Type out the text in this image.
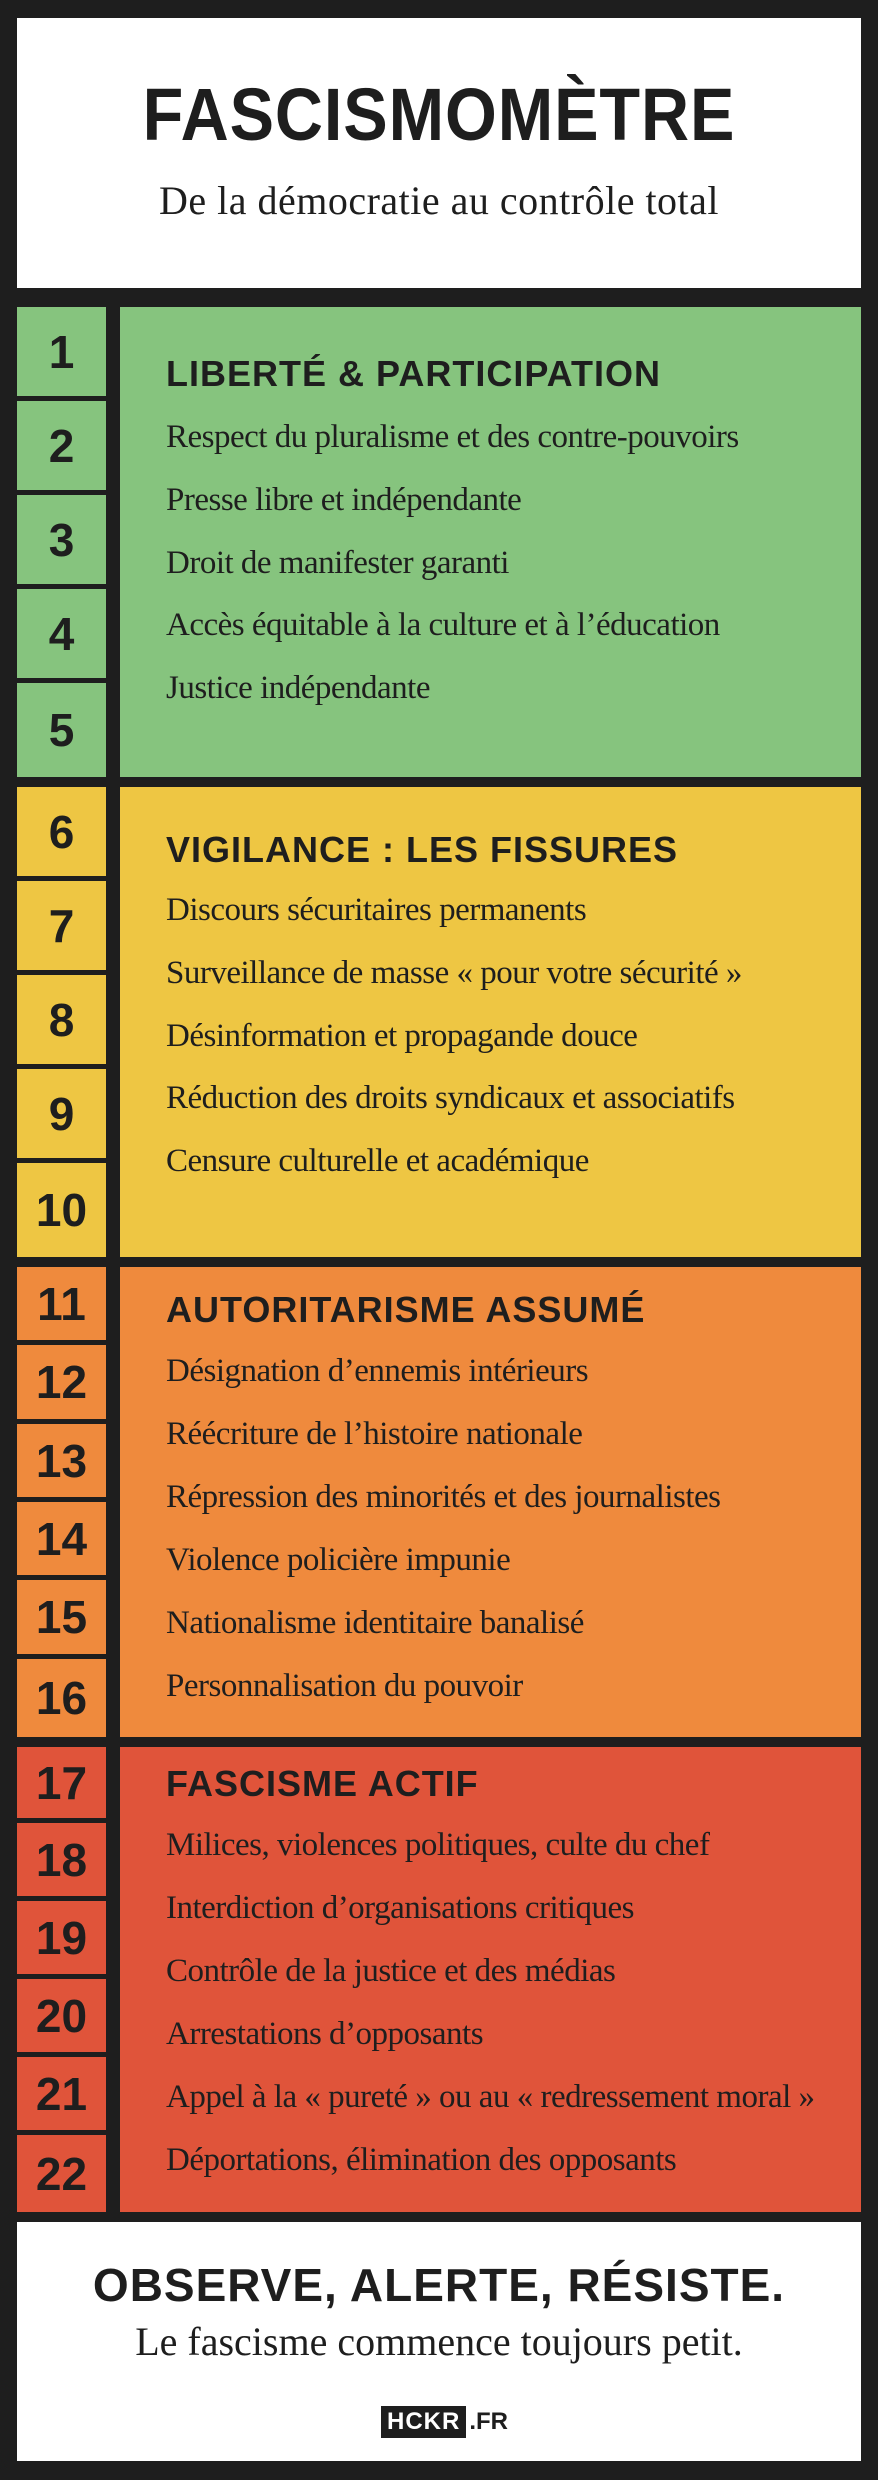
FASCISMOMÈTRE
De la démocratie au contrôle total
1
2
3
4
5
LIBERTÉ & PARTICIPATION
Respect du pluralisme et des contre-pouvoirs
Presse libre et indépendante
Droit de manifester garanti
Accès équitable à la culture et à l’éducation
Justice indépendante
6
7
8
9
10
VIGILANCE : LES FISSURES
Discours sécuritaires permanents
Surveillance de masse « pour votre sécurité »
Désinformation et propagande douce
Réduction des droits syndicaux et associatifs
Censure culturelle et académique
11
12
13
14
15
16
AUTORITARISME ASSUMÉ
Désignation d’ennemis intérieurs
Réécriture de l’histoire nationale
Répression des minorités et des journalistes
Violence policière impunie
Nationalisme identitaire banalisé
Personnalisation du pouvoir
17
18
19
20
21
22
FASCISME ACTIF
Milices, violences politiques, culte du chef
Interdiction d’organisations critiques
Contrôle de la justice et des médias
Arrestations d’opposants
Appel à la « pureté » ou au « redressement moral »
Déportations, élimination des opposants
OBSERVE, ALERTE, RÉSISTE.
Le fascisme commence toujours petit.
HCKR .FR
